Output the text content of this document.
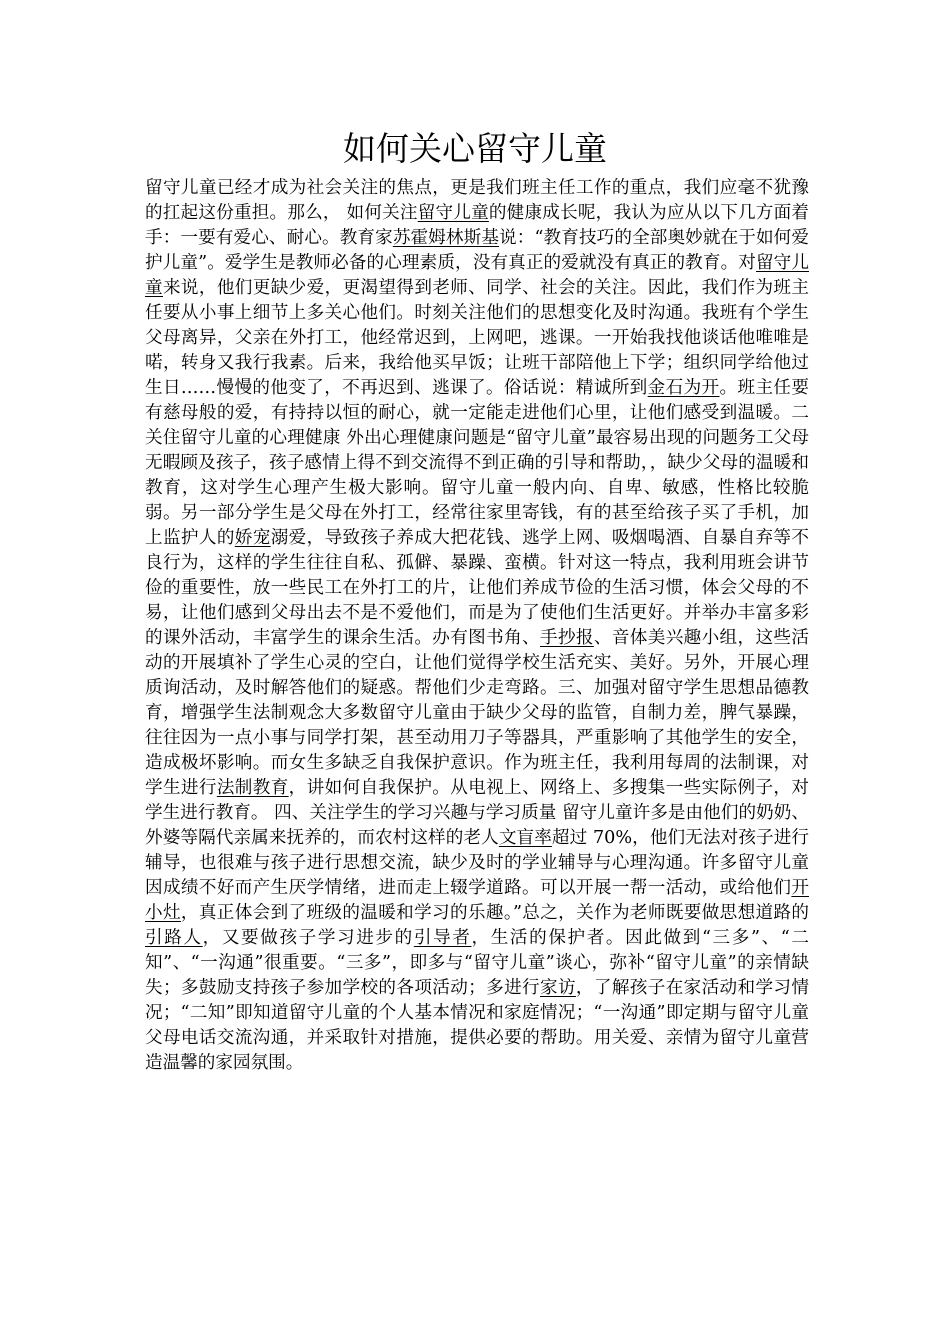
如何关心留守儿童

留守儿童已经才成为社会关注的焦点，更是我们班主任工作的重点，我们应毫不犹豫的扛起这份重担。那么， 如何关注留守儿童的健康成长呢，我认为应从以下几方面着手：一要有爱心、耐心。教育家苏霍姆林斯基说：“教育技巧的全部奥妙就在于如何爱护儿童”。爱学生是教师必备的心理素质，没有真正的爱就没有真正的教育。对留守儿童来说，他们更缺少爱，更渴望得到老师、同学、社会的关注。因此，我们作为班主任要从小事上细节上多关心他们。时刻关注他们的思想变化及时沟通。我班有个学生父母离异，父亲在外打工，他经常迟到，上网吧，逃课。一开始我找他谈话他唯唯是喏，转身又我行我素。后来，我给他买早饭；让班干部陪他上下学；组织同学给他过生日……慢慢的他变了，不再迟到、逃课了。俗话说：精诚所到金石为开。班主任要有慈母般的爱，有持持以恒的耐心，就一定能走进他们心里，让他们感受到温暖。二关住留守儿童的心理健康 外出心理健康问题是“留守儿童”最容易出现的问题务工父母无暇顾及孩子，孩子感情上得不到交流得不到正确的引导和帮助，，缺少父母的温暖和教育，这对学生心理产生极大影响。留守儿童一般内向、自卑、敏感，性格比较脆弱。另一部分学生是父母在外打工，经常往家里寄钱，有的甚至给孩子买了手机，加上监护人的娇宠溺爱，导致孩子养成大把花钱、逃学上网、吸烟喝酒、自暴自弃等不良行为，这样的学生往往自私、孤僻、暴躁、蛮横。针对这一特点，我利用班会讲节俭的重要性，放一些民工在外打工的片，让他们养成节俭的生活习惯，体会父母的不易，让他们感到父母出去不是不爱他们，而是为了使他们生活更好。并举办丰富多彩的课外活动，丰富学生的课余生活。办有图书角、手抄报、音体美兴趣小组，这些活动的开展填补了学生心灵的空白，让他们觉得学校生活充实、美好。另外，开展心理质询活动，及时解答他们的疑惑。帮他们少走弯路。三、加强对留守学生思想品德教育，增强学生法制观念大多数留守儿童由于缺少父母的监管，自制力差，脾气暴躁，往往因为一点小事与同学打架，甚至动用刀子等器具，严重影响了其他学生的安全，造成极坏影响。而女生多缺乏自我保护意识。作为班主任，我利用每周的法制课，对学生进行法制教育，讲如何自我保护。从电视上、网络上、多搜集一些实际例子，对学生进行教育。 四、关注学生的学习兴趣与学习质量 留守儿童许多是由他们的奶奶、外婆等隔代亲属来抚养的，而农村这样的老人文盲率超过 70%，他们无法对孩子进行辅导，也很难与孩子进行思想交流，缺少及时的学业辅导与心理沟通。许多留守儿童因成绩不好而产生厌学情绪，进而走上辍学道路。可以开展一帮一活动，或给他们开小灶，真正体会到了班级的温暖和学习的乐趣。”总之，关作为老师既要做思想道路的引路人，又要做孩子学习进步的引导者，生活的保护者。因此做到“三多”、“二知”、“一沟通”很重要。“三多”，即多与“留守儿童”谈心，弥补“留守儿童”的亲情缺失；多鼓励支持孩子参加学校的各项活动；多进行家访，了解孩子在家活动和学习情况；“二知”即知道留守儿童的个人基本情况和家庭情况；“一沟通”即定期与留守儿童父母电话交流沟通，并采取针对措施，提供必要的帮助。用关爱、亲情为留守儿童营造温馨的家园氛围。
